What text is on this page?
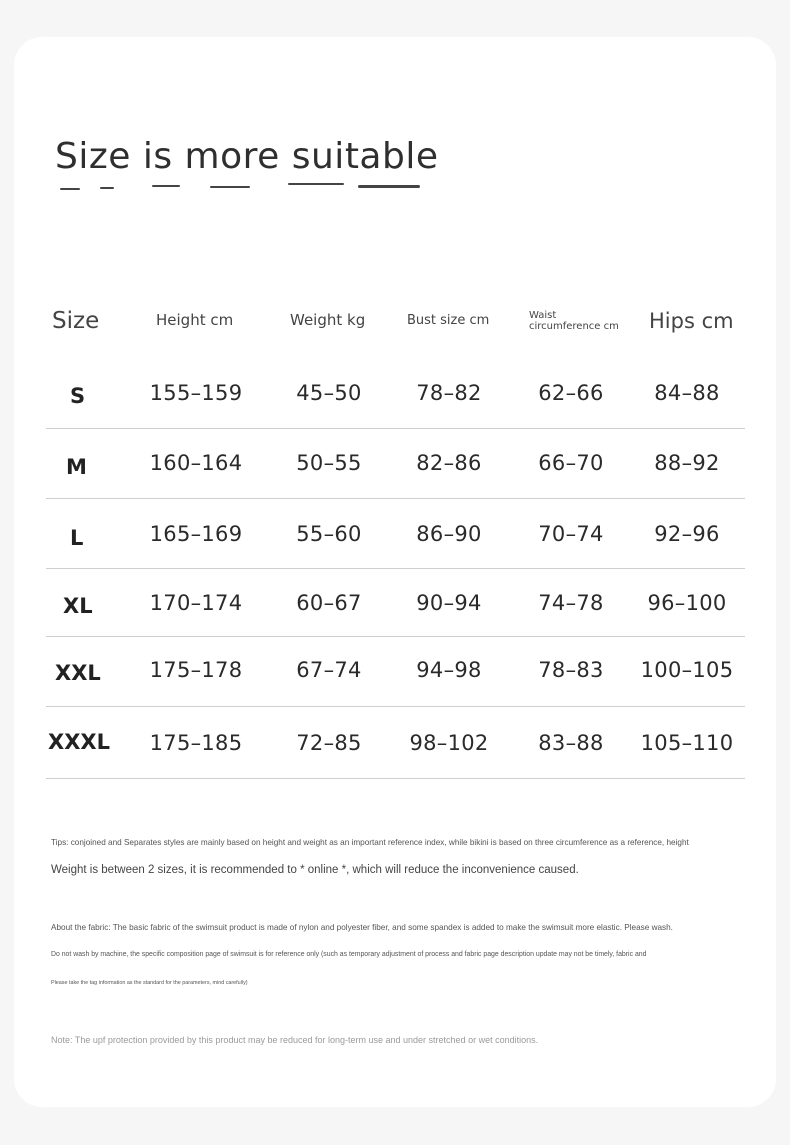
Size is more suitable
Size	Height cm	Weight kg	Bust size cm	Waist
circumference cm Hips cm
S	155–159	45–50	78–82	62–66 84–88
M	160–164	50–55	82–86	66–70 88–92
L	165–169	55–60	86–90	70–74 92–96
XL	170–174	60–67	90–94	74–78 96–100
XXL 175–178	67–74	94–98	78–83 100–105
XXXL 175–185	72–85 98–102 83–88 105–110
Tips: conjoined and Separates styles are mainly based on height and weight as an important reference index, while bikini is based on three circumference as a reference, height
Weight is between 2 sizes, it is recommended to * online *, which will reduce the inconvenience caused.
About the fabric: The basic fabric of the swimsuit product is made of nylon and polyester fiber, and some spandex is added to make the swimsuit more elastic. Please wash.
Do not wash by machine, the specific composition page of swimsuit is for reference only (such as temporary adjustment of process and fabric page description update may not be timely, fabric and
Please take the tag information as the standard for the parameters, mind carefully)
Note: The upf protection provided by this product may be reduced for long-term use and under stretched or wet conditions.
